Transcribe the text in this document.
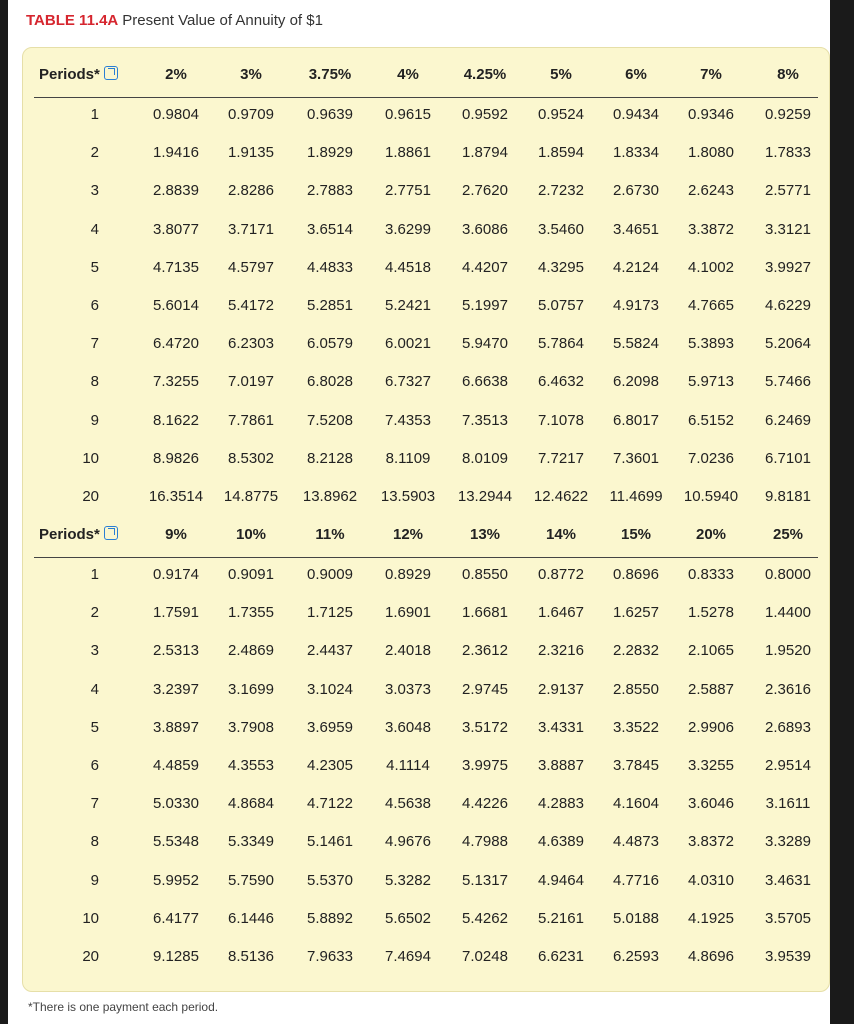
TABLE 11.4A Present Value of Annuity of $1
Periods*	2%	3%	3.75%	4%	4.25%	5%	6%	7%	8%
1	0.9804	0.9709	0.9639	0.9615	0.9592	0.9524	0.9434	0.9346	0.9259
2	1.9416	1.9135	1.8929	1.8861	1.8794	1.8594	1.8334	1.8080	1.7833
3	2.8839	2.8286	2.7883	2.7751	2.7620	2.7232	2.6730	2.6243	2.5771
4	3.8077	3.7171	3.6514	3.6299	3.6086	3.5460	3.4651	3.3872	3.3121
5	4.7135	4.5797	4.4833	4.4518	4.4207	4.3295	4.2124	4.1002	3.9927
6	5.6014	5.4172	5.2851	5.2421	5.1997	5.0757	4.9173	4.7665	4.6229
7	6.4720	6.2303	6.0579	6.0021	5.9470	5.7864	5.5824	5.3893	5.2064
8	7.3255	7.0197	6.8028	6.7327	6.6638	6.4632	6.2098	5.9713	5.7466
9	8.1622	7.7861	7.5208	7.4353	7.3513	7.1078	6.8017	6.5152	6.2469
10	8.9826	8.5302	8.2128	8.1109	8.0109	7.7217	7.3601	7.0236	6.7101
20	16.3514	14.8775	13.8962	13.5903	13.2944	12.4622	11.4699	10.5940	9.8181
Periods*	9%	10%	11%	12%	13%	14%	15%	20%	25%
1	0.9174	0.9091	0.9009	0.8929	0.8550	0.8772	0.8696	0.8333	0.8000
2	1.7591	1.7355	1.7125	1.6901	1.6681	1.6467	1.6257	1.5278	1.4400
3	2.5313	2.4869	2.4437	2.4018	2.3612	2.3216	2.2832	2.1065	1.9520
4	3.2397	3.1699	3.1024	3.0373	2.9745	2.9137	2.8550	2.5887	2.3616
5	3.8897	3.7908	3.6959	3.6048	3.5172	3.4331	3.3522	2.9906	2.6893
6	4.4859	4.3553	4.2305	4.1114	3.9975	3.8887	3.7845	3.3255	2.9514
7	5.0330	4.8684	4.7122	4.5638	4.4226	4.2883	4.1604	3.6046	3.1611
8	5.5348	5.3349	5.1461	4.9676	4.7988	4.6389	4.4873	3.8372	3.3289
9	5.9952	5.7590	5.5370	5.3282	5.1317	4.9464	4.7716	4.0310	3.4631
10	6.4177	6.1446	5.8892	5.6502	5.4262	5.2161	5.0188	4.1925	3.5705
20	9.1285	8.5136	7.9633	7.4694	7.0248	6.6231	6.2593	4.8696	3.9539
*There is one payment each period.
